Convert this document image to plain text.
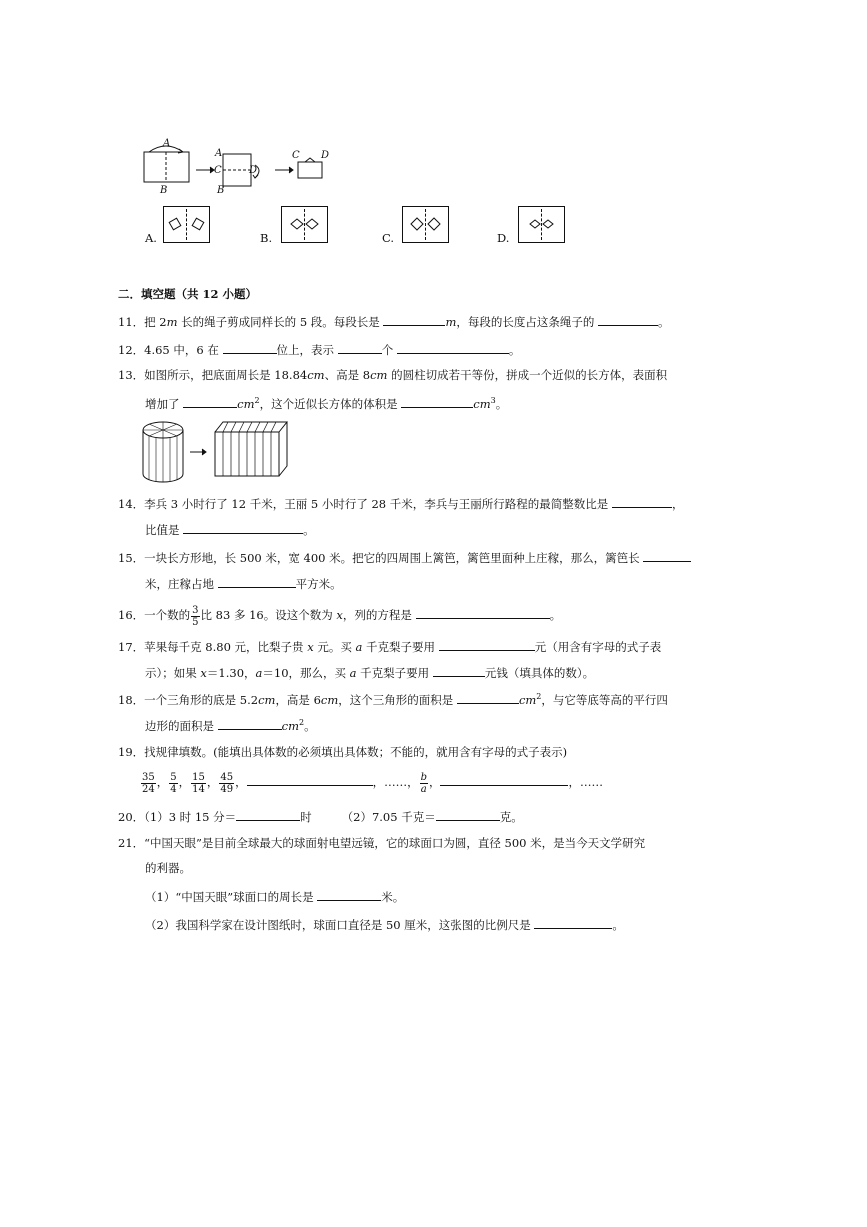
A
B
A
C	D
B
C D
A.	B.	C.	D.
二．填空题（共 12 小题）
11．把 2m 长的绳子剪成同样长的 5 段。每段长是	m，每段的长度占这条绳子的	。
12．4.65 中，6 在	位上，表示	个	。
13．如图所示，把底面周长是 18.84cm、高是 8cm 的圆柱切成若干等份，拼成一个近似的长方体，表面积
增加了	$cm^2$，这个近似长方体的体积是	$cm^3$。
14．李兵 3 小时行了 12 千米，王丽 5 小时行了 28 千米，李兵与王丽所行路程的最简整数比是	，
比值是	。
15．一块长方形地，长 500 米，宽 400 米。把它的四周围上篱笆，篱笆里面种上庄稼，那么，篱笆长
米，庄稼占地	平方米。
16．一个数的 $\frac{3}{5}$ 比 83 多 16。设这个数为 x，列的方程是	。
17．苹果每千克 8.80 元，比梨子贵 x 元。买 a 千克梨子要用	元（用含有字母的式子表
示）；如果 x＝1.30，a＝10，那么，买 a 千克梨子要用	元钱（填具体的数）。
18．一个三角形的底是 5.2cm，高是 6cm，这个三角形的面积是	$cm^2$，与它等底等高的平行四
边形的面积是	$cm^2$。
19．找规律填数。(能填出具体数的必须填出具体数；不能的，就用含有字母的式子表示)
$\frac{35}{24}$ ， $\frac{5}{4}$ ， $\frac{15}{14}$ ， $\frac{45}{49}$ ，	，……， $\frac{b}{a}$ ，	，……
20．（1）3 时 15 分＝	时	（2）7.05 千克＝	克。
21．“中国天眼”是目前全球最大的球面射电望远镜，它的球面口为圆，直径 500 米，是当今天文学研究
的利器。
（1）“中国天眼”球面口的周长是	米。
（2）我国科学家在设计图纸时，球面口直径是 50 厘米，这张图的比例尺是	。
